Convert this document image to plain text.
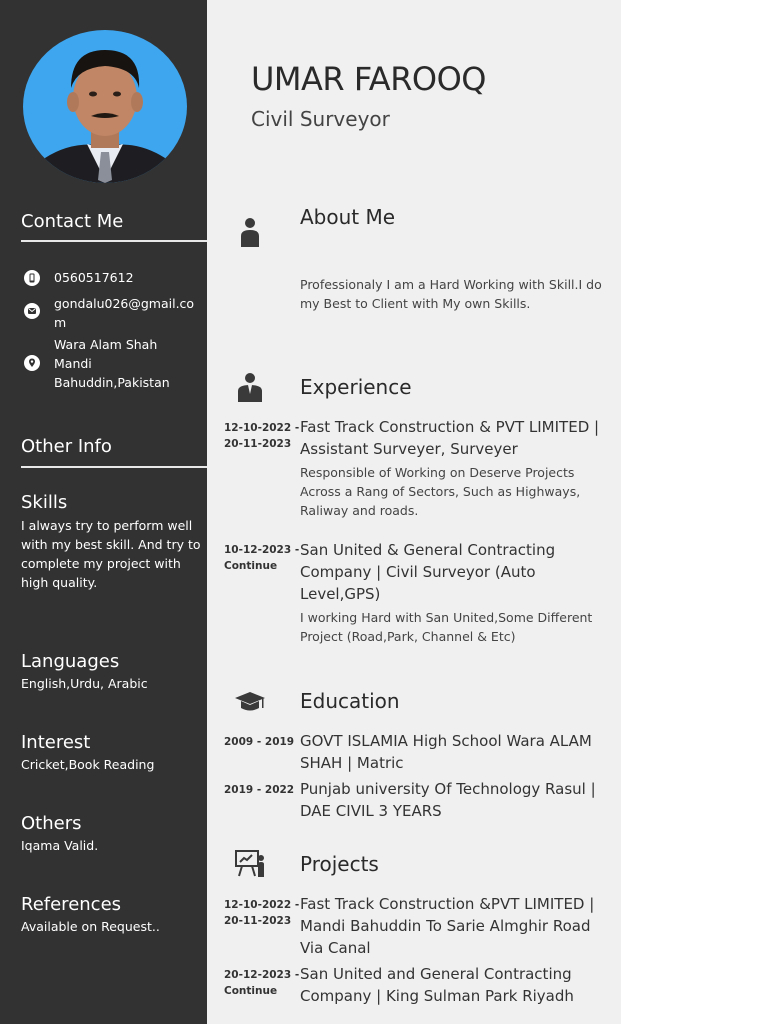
Contact Me
0560517612
gondalu026@gmail.com
Wara Alam Shah Mandi Bahuddin,Pakistan
Other Info
Skills
I always try to perform well with my best skill. And try to complete my project with high quality.
Languages
English,Urdu, Arabic
Interest
Cricket,Book Reading
Others
Iqama Valid.
References
Available on Request..
UMAR FAROOQ
Civil Surveyor
About Me
Professionaly I am a Hard Working with Skill.I do my Best to Client with My own Skills.
Experience
12-10-2022 - 20-11-2023
Fast Track Construction & PVT LIMITED | Assistant Surveyer, Surveyer
Responsible of Working on Deserve Projects Across a Rang of Sectors, Such as Highways, Raliway and roads.
10-12-2023 - Continue
San United & General Contracting Company | Civil Surveyor (Auto Level,GPS)
I working Hard with San United,Some Different Project (Road,Park, Channel & Etc)
Education
2009 - 2019 GOVT ISLAMIA High School Wara ALAM SHAH | Matric
2019 - 2022 Punjab university Of Technology Rasul | DAE CIVIL 3 YEARS
Projects
12-10-2022 - 20-11-2023
Fast Track Construction &PVT LIMITED | Mandi Bahuddin To Sarie Almghir Road Via Canal
20-12-2023 - Continue
San United and General Contracting Company | King Sulman Park Riyadh
